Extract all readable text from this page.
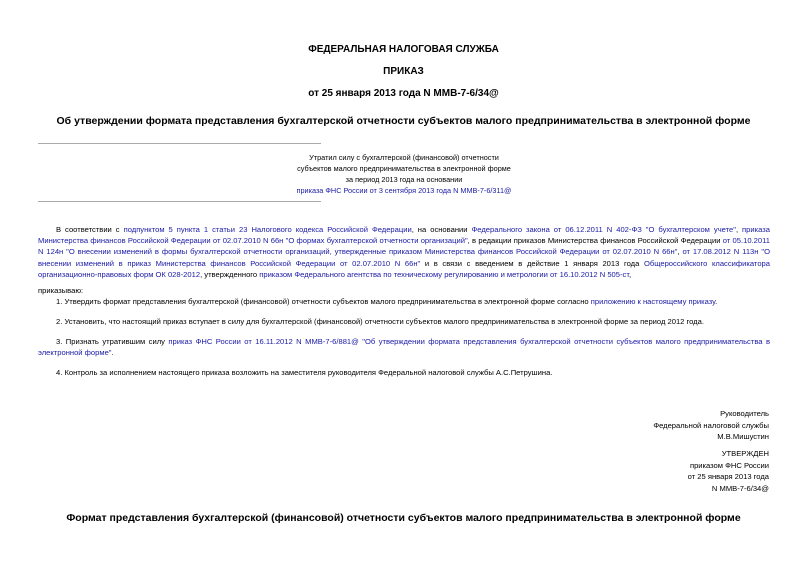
ФЕДЕРАЛЬНАЯ НАЛОГОВАЯ СЛУЖБА
ПРИКАЗ
от 25 января 2013 года N ММВ-7-6/34@
Об утверждении формата представления бухгалтерской отчетности субъектов малого предпринимательства в электронной форме
Утратил силу с бухгалтерской (финансовой) отчетности
субъектов малого предпринимательства в электронной форме
за период 2013 года на основании
приказа ФНС России от 3 сентября 2013 года N ММВ-7-6/311@
В соответствии с подпунктом 5 пункта 1 статьи 23 Налогового кодекса Российской Федерации, на основании Федерального закона от 06.12.2011 N 402-ФЗ "О бухгалтерском учете", приказа Министерства финансов Российской Федерации от 02.07.2010 N 66н "О формах бухгалтерской отчетности организаций", в редакции приказов Министерства финансов Российской Федерации от 05.10.2011 N 124н "О внесении изменений в формы бухгалтерской отчетности организаций, утвержденные приказом Министерства финансов Российской Федерации от 02.07.2010 N 66н", от 17.08.2012 N 113н "О внесении изменений в приказ Министерства финансов Российской Федерации от 02.07.2010 N 66н" и в связи с введением в действие 1 января 2013 года Общероссийского классификатора организационно-правовых форм ОК 028-2012, утвержденного приказом Федерального агентства по техническому регулированию и метрологии от 16.10.2012 N 505-ст,
приказываю:
1. Утвердить формат представления бухгалтерской (финансовой) отчетности субъектов малого предпринимательства в электронной форме согласно приложению к настоящему приказу.
2. Установить, что настоящий приказ вступает в силу для бухгалтерской (финансовой) отчетности субъектов малого предпринимательства в электронной форме за период 2012 года.
3. Признать утратившим силу приказ ФНС России от 16.11.2012 N ММВ-7-6/881@ "Об утверждении формата представления бухгалтерской отчетности субъектов малого предпринимательства в электронной форме".
4. Контроль за исполнением настоящего приказа возложить на заместителя руководителя Федеральной налоговой службы А.С.Петрушина.
Руководитель
Федеральной налоговой службы
М.В.Мишустин
УТВЕРЖДЕН
приказом ФНС России
от 25 января 2013 года
N ММВ-7-6/34@
Формат представления бухгалтерской (финансовой) отчетности субъектов малого предпринимательства в электронной форме
